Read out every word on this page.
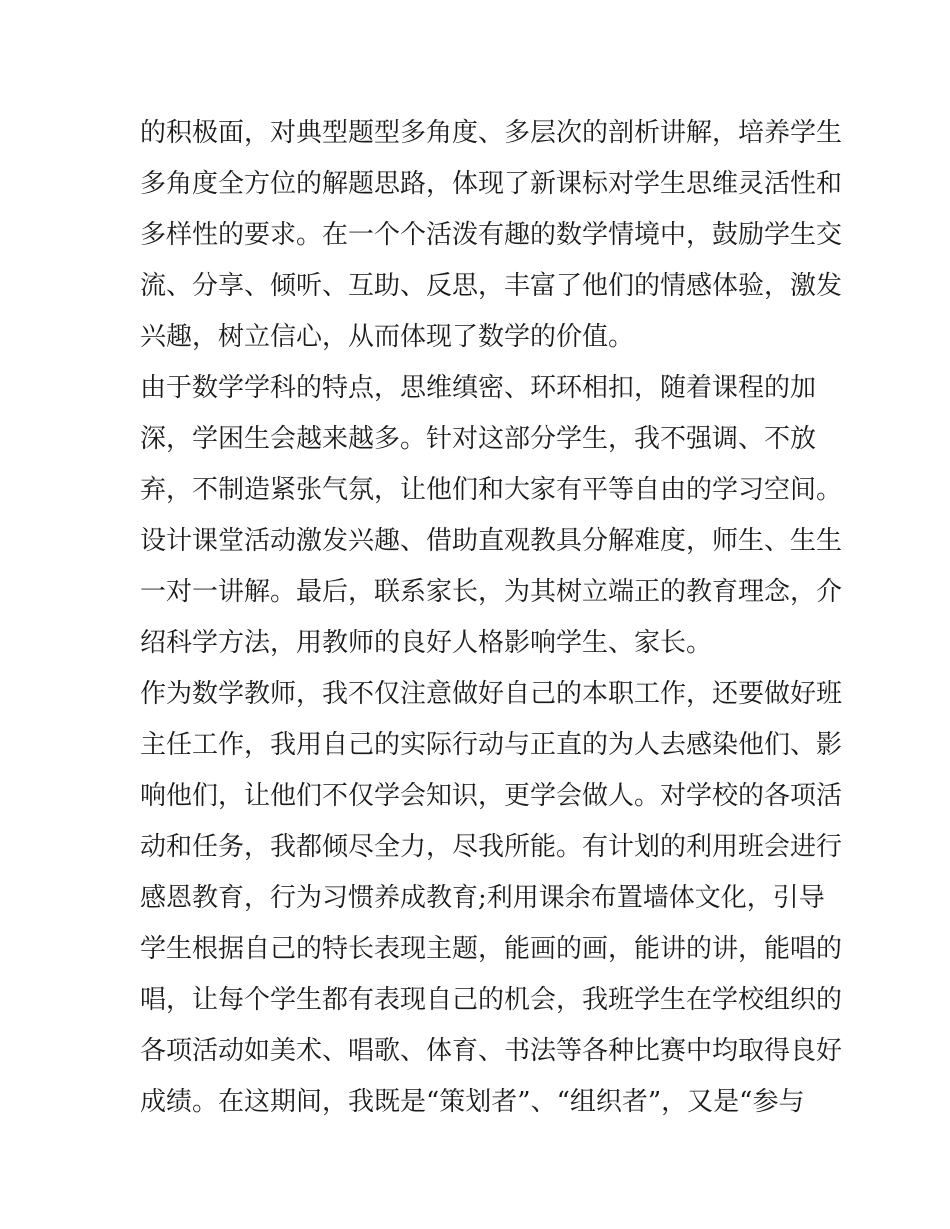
的积极面，对典型题型多角度、多层次的剖析讲解，培养学生
多角度全方位的解题思路，体现了新课标对学生思维灵活性和
多样性的要求。在一个个活泼有趣的数学情境中，鼓励学生交
流、分享、倾听、互助、反思，丰富了他们的情感体验，激发
兴趣，树立信心，从而体现了数学的价值。
由于数学学科的特点，思维缜密、环环相扣，随着课程的加
深，学困生会越来越多。针对这部分学生，我不强调、不放
弃，不制造紧张气氛，让他们和大家有平等自由的学习空间。
设计课堂活动激发兴趣、借助直观教具分解难度，师生、生生
一对一讲解。最后，联系家长，为其树立端正的教育理念，介
绍科学方法，用教师的良好人格影响学生、家长。
作为数学教师，我不仅注意做好自己的本职工作，还要做好班
主任工作，我用自己的实际行动与正直的为人去感染他们、影
响他们，让他们不仅学会知识，更学会做人。对学校的各项活
动和任务，我都倾尽全力，尽我所能。有计划的利用班会进行
感恩教育，行为习惯养成教育;利用课余布置墙体文化，引导
学生根据自己的特长表现主题，能画的画，能讲的讲，能唱的
唱，让每个学生都有表现自己的机会，我班学生在学校组织的
各项活动如美术、唱歌、体育、书法等各种比赛中均取得良好
成绩。在这期间，我既是“策划者”、“组织者”，又是“参与
